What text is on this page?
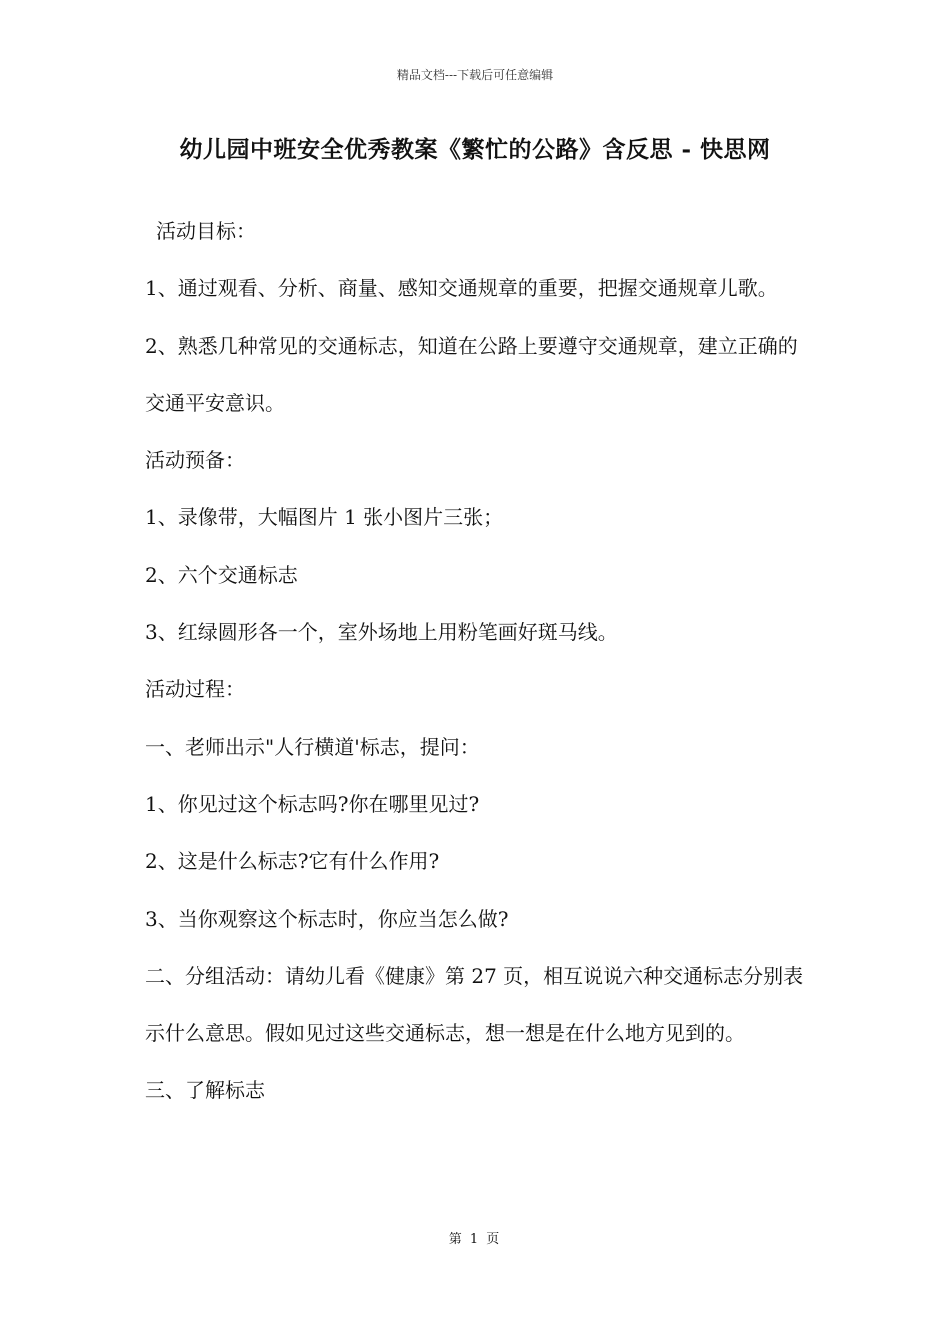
精品文档---下载后可任意编辑
幼儿园中班安全优秀教案《繁忙的公路》含反思 - 快思网

活动目标：

1、通过观看、分析、商量、感知交通规章的重要，把握交通规章儿歌。

2、熟悉几种常见的交通标志，知道在公路上要遵守交通规章，建立正确的交通平安意识。

活动预备：

1、录像带，大幅图片 1 张小图片三张；

2、六个交通标志

3、红绿圆形各一个，室外场地上用粉笔画好斑马线。

活动过程：

一、老师出示"人行横道'标志，提问：

1、你见过这个标志吗?你在哪里见过?

2、这是什么标志?它有什么作用?

3、当你观察这个标志时，你应当怎么做?

二、分组活动：请幼儿看《健康》第 27 页，相互说说六种交通标志分别表示什么意思。假如见过这些交通标志，想一想是在什么地方见到的。

三、了解标志

第 1 页
